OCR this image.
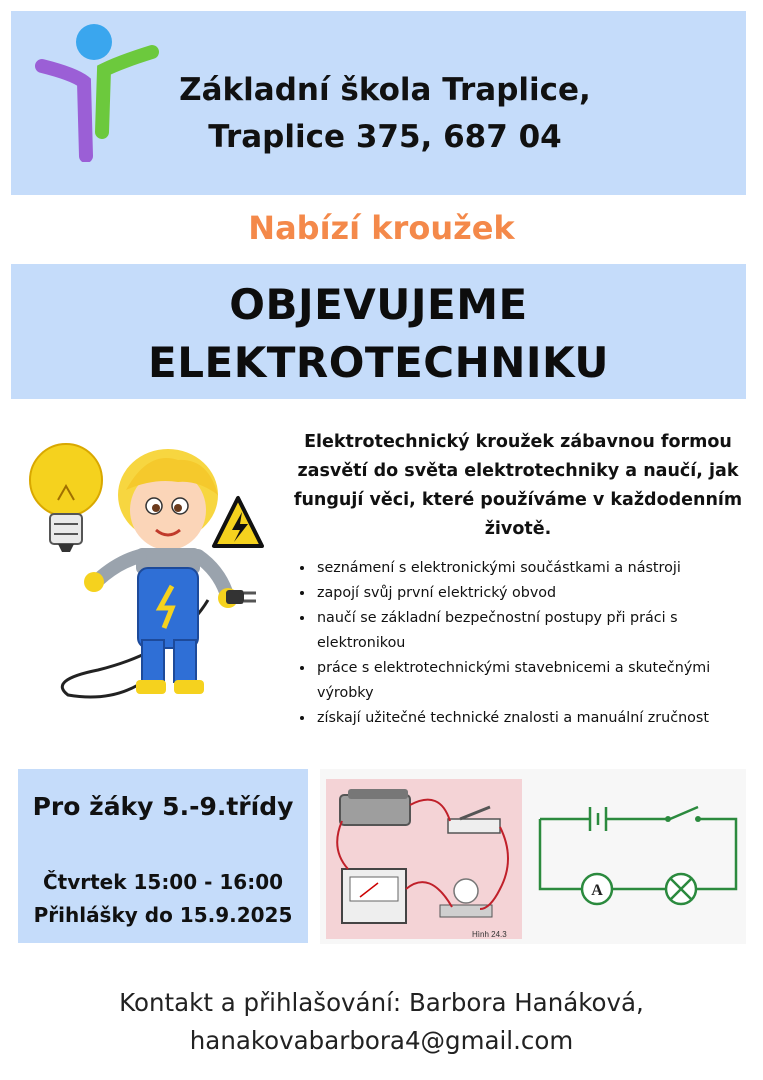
Základní škola Traplice,
Traplice 375, 687 04
Nabízí kroužek
OBJEVUJEME
ELEKTROTECHNIKU
Elektrotechnický kroužek zábavnou formou zasvětí do světa elektrotechniky a naučí, jak fungují věci, které používáme v každodenním životě.
• seznámení s elektronickými součástkami a nástroji
• zapojí svůj první elektrický obvod
• naučí se základní bezpečnostní postupy při práci s elektronikou
• práce s elektrotechnickými stavebnicemi a skutečnými výrobky
• získají užitečné technické znalosti a manuální zručnost
Pro žáky 5.-9.třídy
Čtvrtek 15:00 - 16:00
Přihlášky do 15.9.2025
Hình 24.3
A
Kontakt a přihlašování: Barbora Hanáková,
hanakovabarbora4@gmail.com
